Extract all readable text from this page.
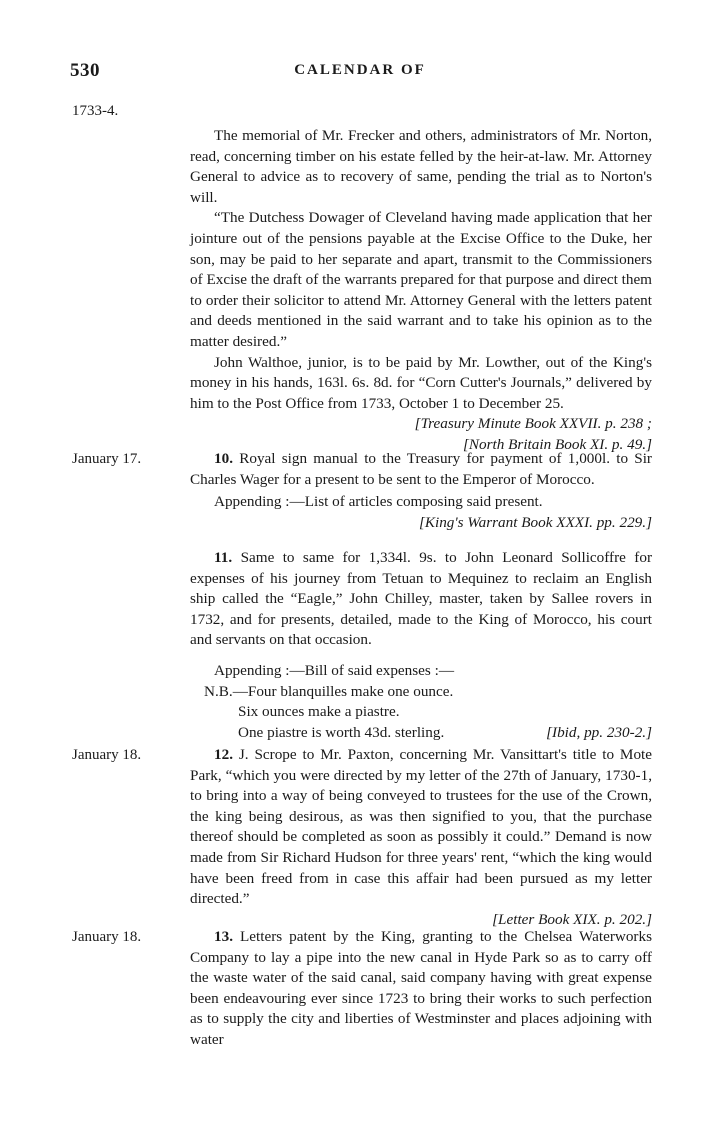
530	CALENDAR OF
1733-4.
January 17.
January 18.
January 18.

The memorial of Mr. Frecker and others, administrators of Mr. Norton, read, concerning timber on his estate felled by the heir-at-law. Mr. Attorney General to advice as to recovery of same, pending the trial as to Norton's will.

“The Dutchess Dowager of Cleveland having made application that her jointure out of the pensions payable at the Excise Office to the Duke, her son, may be paid to her separate and apart, transmit to the Commissioners of Excise the draft of the warrants prepared for that purpose and direct them to order their solicitor to attend Mr. Attorney General with the letters patent and deeds mentioned in the said warrant and to take his opinion as to the matter desired.”

John Walthoe, junior, is to be paid by Mr. Lowther, out of the King's money in his hands, 163l. 6s. 8d. for “Corn Cutter's Journals,” delivered by him to the Post Office from 1733, October 1 to December 25.

[Treasury Minute Book XXVII. p. 238 ;

[North Britain Book XI. p. 49.]

10. Royal sign manual to the Treasury for payment of 1,000l. to Sir Charles Wager for a present to be sent to the Emperor of Morocco.

Appending :—List of articles composing said present.

[King's Warrant Book XXXI. pp. 229.]

11. Same to same for 1,334l. 9s. to John Leonard Sollicoffre for expenses of his journey from Tetuan to Mequinez to reclaim an English ship called the “Eagle,” John Chilley, master, taken by Sallee rovers in 1732, and for presents, detailed, made to the King of Morocco, his court and servants on that occasion.

Appending :—Bill of said expenses :—

N.B.—Four blanquilles make one ounce.
Six ounces make a piastre.
One piastre is worth 43d. sterling.	[Ibid, pp. 230-2.]

12. J. Scrope to Mr. Paxton, concerning Mr. Vansittart's title to Mote Park, “which you were directed by my letter of the 27th of January, 1730-1, to bring into a way of being conveyed to trustees for the use of the Crown, the king being desirous, as was then signified to you, that the purchase thereof should be completed as soon as possibly it could.” Demand is now made from Sir Richard Hudson for three years' rent, “which the king would have been freed from in case this affair had been pursued as my letter directed.”

[Letter Book XIX. p. 202.]

13. Letters patent by the King, granting to the Chelsea Waterworks Company to lay a pipe into the new canal in Hyde Park so as to carry off the waste water of the said canal, said company having with great expense been endeavouring ever since 1723 to bring their works to such perfection as to supply the city and liberties of Westminster and places adjoining with water
